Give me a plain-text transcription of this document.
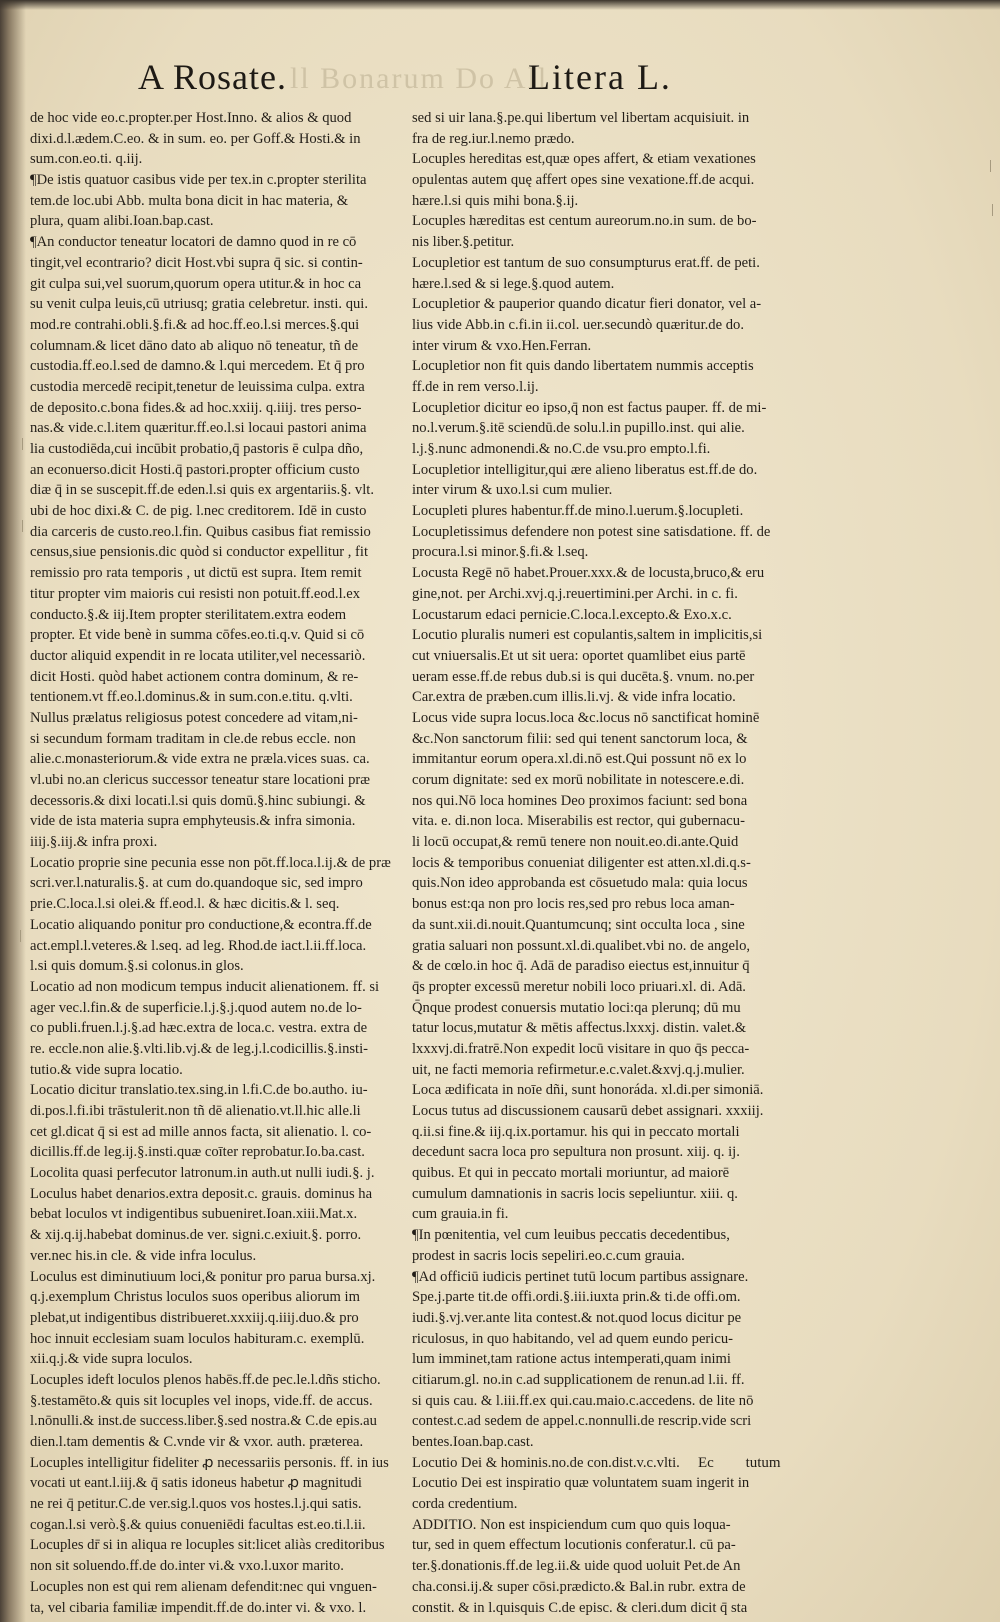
A Rosate. ll Bonarum Do All
Litera L.
de hoc vide eo.c.propter.per Host.Inno. & alios & quod
dixi.d.l.ædem.C.eo. & in sum. eo. per Goff.& Hosti.& in
sum.con.eo.ti. q.iij.
¶De istis quatuor casibus vide per tex.in c.propter sterilita
tem.de loc.ubi Abb. multa bona dicit in hac materia, &
plura, quam alibi.Ioan.bap.cast.
¶An conductor teneatur locatori de damno quod in re cō
tingit,vel econtrario? dicit Host.vbi supra q̄ sic. si contin-
git culpa sui,vel suorum,quorum opera utitur.& in hoc ca
su venit culpa leuis,cū utriusq; gratia celebretur. insti. qui.
mod.re contrahi.obli.§.fi.& ad hoc.ff.eo.l.si merces.§.qui
columnam.& licet dāno dato ab aliquo nō teneatur, tñ de
custodia.ff.eo.l.sed de damno.& l.qui mercedem. Et q̄ pro
custodia mercedē recipit,tenetur de leuissima culpa. extra
de deposito.c.bona fides.& ad hoc.xxiij. q.iiij. tres perso-
nas.& vide.c.l.item quæritur.ff.eo.l.si locaui pastori anima
lia custodiēda,cui incūbit probatio,q̄ pastoris ē culpa dño,
an econuerso.dicit Hosti.q̄ pastori.propter officium custo
diæ q̄ in se suscepit.ff.de eden.l.si quis ex argentariis.§. vlt.
ubi de hoc dixi.& C. de pig. l.nec creditorem. Idē in custo
dia carceris de custo.reo.l.fin. Quibus casibus fiat remissio
census,siue pensionis.dic quòd si conductor expellitur , fit
remissio pro rata temporis , ut dictū est supra. Item remit
titur propter vim maioris cui resisti non potuit.ff.eod.l.ex
conducto.§.& iij.Item propter sterilitatem.extra eodem
propter. Et vide benè in summa cōfes.eo.ti.q.v. Quid si cō
ductor aliquid expendit in re locata utiliter,vel necessariò.
dicit Hosti. quòd habet actionem contra dominum, & re-
tentionem.vt ff.eo.l.dominus.& in sum.con.e.titu. q.vlti.
Nullus prælatus religiosus potest concedere ad vitam,ni-
si secundum formam traditam in cle.de rebus eccle. non
alie.c.monasteriorum.& vide extra ne præla.vices suas. ca.
vl.ubi no.an clericus successor teneatur stare locationi præ
decessoris.& dixi locati.l.si quis domū.§.hinc subiungi. &
vide de ista materia supra emphyteusis.& infra simonia.
iiij.§.iij.& infra proxi.
Locatio proprie sine pecunia esse non pōt.ff.loca.l.ij.& de præ
scri.ver.l.naturalis.§. at cum do.quandoque sic, sed impro
prie.C.loca.l.si olei.& ff.eod.l. & hæc dicitis.& l. seq.
Locatio aliquando ponitur pro conductione,& econtra.ff.de
act.empl.l.veteres.& l.seq. ad leg. Rhod.de iact.l.ii.ff.loca.
l.si quis domum.§.si colonus.in glos.
Locatio ad non modicum tempus inducit alienationem. ff. si
ager vec.l.fin.& de superficie.l.j.§.j.quod autem no.de lo-
co publi.fruen.l.j.§.ad hæc.extra de loca.c. vestra. extra de
re. eccle.non alie.§.vlti.lib.vj.& de leg.j.l.codicillis.§.insti-
tutio.& vide supra locatio.
Locatio dicitur translatio.tex.sing.in l.fi.C.de bo.autho. iu-
di.pos.l.fi.ibi trāstulerit.non tñ dē alienatio.vt.ll.hic alle.li
cet gl.dicat q̄ si est ad mille annos facta, sit alienatio. l. co-
dicillis.ff.de leg.ij.§.insti.quæ coīter reprobatur.Io.ba.cast.
Locolita quasi perfecutor latronum.in auth.ut nulli iudi.§. j.
Loculus habet denarios.extra deposit.c. grauis. dominus ha
bebat loculos vt indigentibus subueniret.Ioan.xiii.Mat.x.
& xij.q.ij.habebat dominus.de ver. signi.c.exiuit.§. porro.
ver.nec his.in cle. & vide infra loculus.
Loculus est diminutiuum loci,& ponitur pro parua bursa.xj.
q.j.exemplum Christus loculos suos operibus aliorum im
plebat,ut indigentibus distribueret.xxxiij.q.iiij.duo.& pro
hoc innuit ecclesiam suam loculos habituram.c. exemplū.
xii.q.j.& vide supra loculos.
Locuples ideft loculos plenos habēs.ff.de pec.le.l.dñs sticho.
§.testamēto.& quis sit locuples vel inops, vide.ff. de accus.
l.nōnulli.& inst.de success.liber.§.sed nostra.& C.de epis.au
dien.l.tam dementis & C.vnde vir & vxor. auth. præterea.
Locuples intelligitur fideliter ꝓ necessariis personis. ff. in ius
vocati ut eant.l.iij.& q̄ satis idoneus habetur ꝓ magnitudi
ne rei q̄ petitur.C.de ver.sig.l.quos vos hostes.l.j.qui satis.
cogan.l.si verò.§.& quius conueniēdi facultas est.eo.ti.l.ii.
Locuples dr̄ si in aliqua re locuples sit:licet aliàs creditoribus
non sit soluendo.ff.de do.inter vi.& vxo.l.uxor marito.
Locuples non est qui rem alienam defendit:nec qui vnguen-
ta, vel cibaria familiæ impendit.ff.de do.inter vi. & vxo. l.
sed si uir lana.§.pe.qui libertum vel libertam acquisiuit. in
fra de reg.iur.l.nemo prædo.
Locuples hereditas est,quæ opes affert, & etiam vexationes
opulentas autem quę affert opes sine vexatione.ff.de acqui.
hære.l.si quis mihi bona.§.ij.
Locuples hæreditas est centum aureorum.no.in sum. de bo-
nis liber.§.petitur.
Locupletior est tantum de suo consumpturus erat.ff. de peti.
hære.l.sed & si lege.§.quod autem.
Locupletior & pauperior quando dicatur fieri donator, vel a-
lius vide Abb.in c.fi.in ii.col. uer.secundò quæritur.de do.
inter virum & vxo.Hen.Ferran.
Locupletior non fit quis dando libertatem nummis acceptis
ff.de in rem verso.l.ij.
Locupletior dicitur eo ipso,q̄ non est factus pauper. ff. de mi-
no.l.verum.§.itē sciendū.de solu.l.in pupillo.inst. qui alie.
l.j.§.nunc admonendi.& no.C.de vsu.pro empto.l.fi.
Locupletior intelligitur,qui ære alieno liberatus est.ff.de do.
inter virum & uxo.l.si cum mulier.
Locupleti plures habentur.ff.de mino.l.uerum.§.locupleti.
Locupletissimus defendere non potest sine satisdatione. ff. de
procura.l.si minor.§.fi.& l.seq.
Locusta Regē nō habet.Prouer.xxx.& de locusta,bruco,& eru
gine,not. per Archi.xvj.q.j.reuertimini.per Archi. in c. fi.
Locustarum edaci pernicie.C.loca.l.excepto.& Exo.x.c.
Locutio pluralis numeri est copulantis,saltem in implicitis,si
cut vniuersalis.Et ut sit uera: oportet quamlibet eius partē
ueram esse.ff.de rebus dub.si is qui ducēta.§. vnum. no.per
Car.extra de præben.cum illis.li.vj. & vide infra locatio.
Locus vide supra locus.loca &c.locus nō sanctificat hominē
&c.Non sanctorum filii: sed qui tenent sanctorum loca, &
immitantur eorum opera.xl.di.nō est.Qui possunt nō ex lo
corum dignitate: sed ex morū nobilitate in notescere.e.di.
nos qui.Nō loca homines Deo proximos faciunt: sed bona
vita. e. di.non loca. Miserabilis est rector, qui gubernacu-
li locū occupat,& remū tenere non nouit.eo.di.ante.Quid
locis & temporibus conueniat diligenter est atten.xl.di.q.s-
quis.Non ideo approbanda est cōsuetudo mala: quia locus
bonus est:qa non pro locis res,sed pro rebus loca aman-
da sunt.xii.di.nouit.Quantumcunq; sint occulta loca , sine
gratia saluari non possunt.xl.di.qualibet.vbi no. de angelo,
& de cœlo.in hoc q̄. Adā de paradiso eiectus est,innuitur q̄
q̄s propter excessū meretur nobili loco priuari.xl. di. Adā.
Q̄nque prodest conuersis mutatio loci:qa plerunq; dū mu
tatur locus,mutatur & mētis affectus.lxxxj. distin. valet.&
lxxxvj.di.fratrē.Non expedit locū visitare in quo q̄s pecca-
uit, ne facti memoria refirmetur.e.c.valet.&xvj.q.j.mulier.
Loca ædificata in noīe dñi, sunt honoráda. xl.di.per simoniā.
Locus tutus ad discussionem causarū debet assignari. xxxiij.
q.ii.si fine.& iij.q.ix.portamur. his qui in peccato mortali
decedunt sacra loca pro sepultura non prosunt. xiij. q. ij.
quibus. Et qui in peccato mortali moriuntur, ad maiorē
cumulum damnationis in sacris locis sepeliuntur. xiii. q.
cum grauia.in fi.
¶In pœnitentia, vel cum leuibus peccatis decedentibus,
prodest in sacris locis sepeliri.eo.c.cum grauia.
¶Ad officiū iudicis pertinet tutū locum partibus assignare.
Spe.j.parte tit.de offi.ordi.§.iii.iuxta prin.& ti.de offi.om.
iudi.§.vj.ver.ante lita contest.& not.quod locus dicitur pe
riculosus, in quo habitando, vel ad quem eundo pericu-
lum imminet,tam ratione actus intemperati,quam inimi
citiarum.gl. no.in c.ad supplicationem de renun.ad l.ii. ff.
si quis cau. & l.iii.ff.ex qui.cau.maio.c.accedens. de lite nō
contest.c.ad sedem de appel.c.nonnulli.de rescrip.vide scri
bentes.Ioan.bap.cast.
Locutio Dei & hominis.no.de con.dist.v.c.vlti.
Locutio Dei est inspiratio quæ voluntatem suam ingerit in
corda credentium.
ADDITIO. Non est inspiciendum cum quo quis loqua-
tur, sed in quem effectum locutionis conferatur.l. cū pa-
ter.§.donationis.ff.de leg.ii.& uide quod uoluit Pet.de An
cha.consi.ij.& super cōsi.prædicto.& Bal.in rubr. extra de
constit. & in l.quisquis C.de episc. & cleri.dum dicit q̄ sta
Ec tutum
